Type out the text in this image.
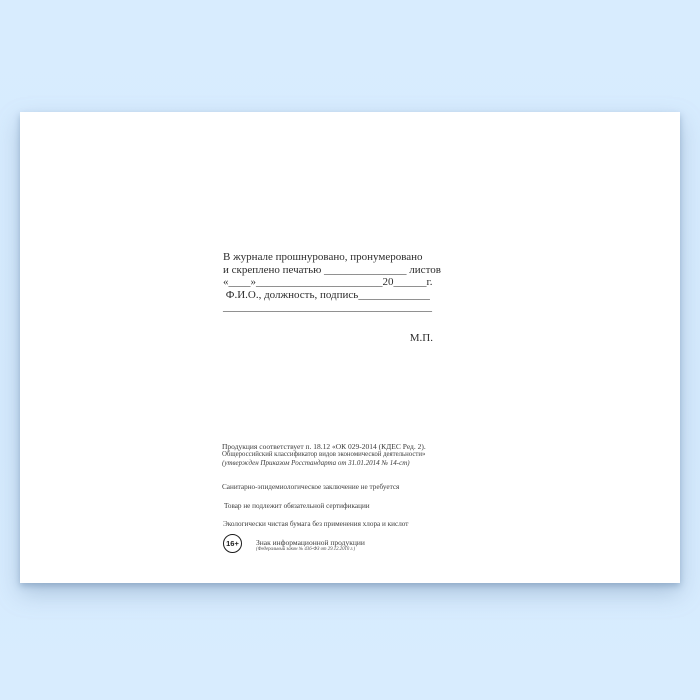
В журнале прошнуровано, пронумеровано
и скреплено печатью _______________ листов
«____»_______________________20______г.
Ф.И.О., должность, подпись_____________
______________________________________
М.П.
Продукция соответствует п. 18.12 «ОК 029-2014 (КДЕС Ред. 2).
Общероссийский классификатор видов экономической деятельности»
(утвержден Приказом Росстандарта от 31.01.2014 № 14-ст)
Санитарно-эпидемиологическое заключение не требуется
Товар не подлежит обязательной сертификации
Экологически чистая бумага без применения хлора и кислот
16+	Знак информационной продукции
(Федеральный закон № 436-ФЗ от 29.12.2010 г.)
